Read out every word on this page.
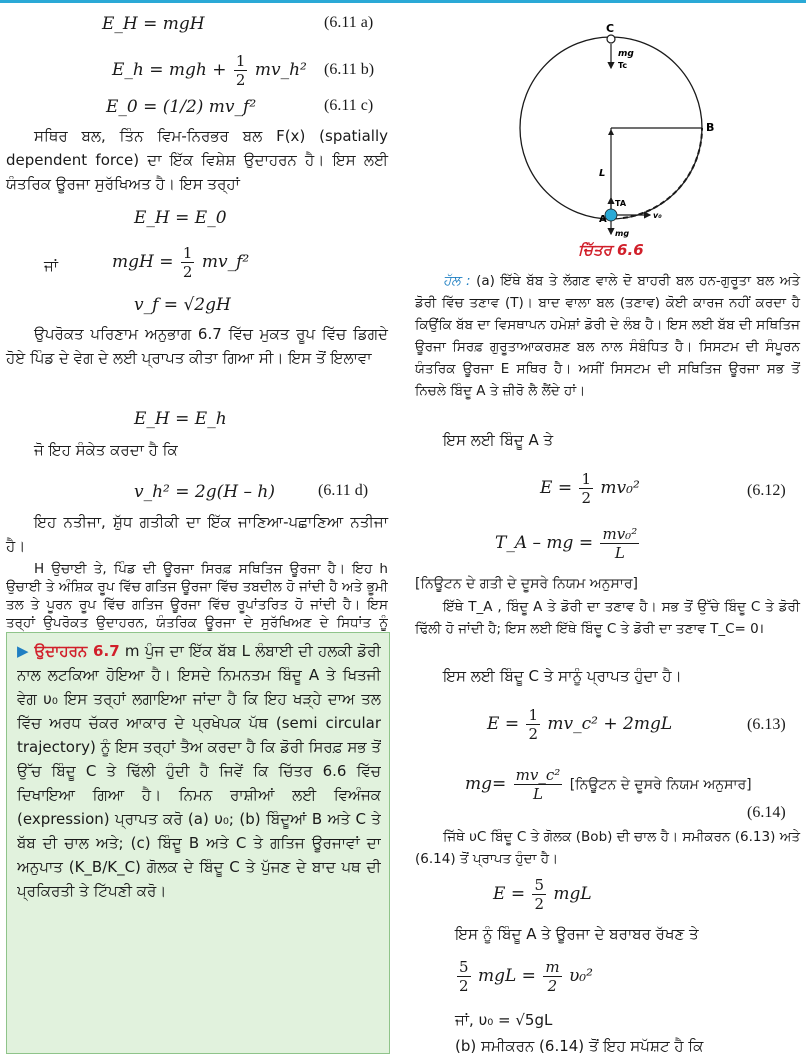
E_H = mgH	(6.11 a)
E_h = mgh + $\frac{1}{2}$ mv_h² (6.11 b)
E_0 = (1/2) mv_f²	(6.11 c)
ਸਥਿਰ ਬਲ, ਤਿੰਨ ਵਿਮ-ਨਿਰਭਰ ਬਲ F(x) (spatially dependent force) ਦਾ ਇੱਕ ਵਿਸ਼ੇਸ਼ ਉਦਾਹਰਨ ਹੈ। ਇਸ ਲਈ ਯੰਤਰਿਕ ਊਰਜਾ ਸੁਰੱਖਿਅਤ ਹੈ। ਇਸ ਤਰ੍ਹਾਂ
E_H = E_0
ਜਾਂ	mgH = $\frac{1}{2}$ mv_f²
v_f = √2gH
ਉਪਰੋਕਤ ਪਰਿਣਾਮ ਅਨੁਭਾਗ 6.7 ਵਿੱਚ ਮੁਕਤ ਰੂਪ ਵਿੱਚ ਡਿਗਦੇ ਹੋਏ ਪਿੰਡ ਦੇ ਵੇਗ ਦੇ ਲਈ ਪ੍ਰਾਪਤ ਕੀਤਾ ਗਿਆ ਸੀ। ਇਸ ਤੋਂ ਇਲਾਵਾ
E_H = E_h
ਜੋ ਇਹ ਸੰਕੇਤ ਕਰਦਾ ਹੈ ਕਿ
v_h² = 2g(H – h)	(6.11 d)
ਇਹ ਨਤੀਜਾ, ਸ਼ੁੱਧ ਗਤੀਕੀ ਦਾ ਇੱਕ ਜਾਣਿਆ-ਪਛਾਣਿਆ ਨਤੀਜਾ ਹੈ।
H ਉਚਾਈ ਤੇ, ਪਿੰਡ ਦੀ ਊਰਜਾ ਸਿਰਫ਼ ਸਥਿਤਿਜ ਊਰਜਾ ਹੈ। ਇਹ h ਉਚਾਈ ਤੇ ਅੰਸ਼ਿਕ ਰੂਪ ਵਿੱਚ ਗਤਿਜ ਊਰਜਾ ਵਿੱਚ ਤਬਦੀਲ ਹੋ ਜਾਂਦੀ ਹੈ ਅਤੇ ਭੂਮੀ ਤਲ ਤੇ ਪੂਰਨ ਰੂਪ ਵਿੱਚ ਗਤਿਜ ਊਰਜਾ ਵਿੱਚ ਰੂਪਾਂਤਰਿਤ ਹੋ ਜਾਂਦੀ ਹੈ। ਇਸ ਤਰ੍ਹਾਂ ਉਪਰੋਕਤ ਉਦਾਹਰਨ, ਯੰਤਰਿਕ ਊਰਜਾ ਦੇ ਸੁਰੱਖਿਅਣ ਦੇ ਸਿਧਾਂਤ ਨੂੰ
▶ ਉਦਾਹਰਨ 6.7 m ਪੁੰਜ ਦਾ ਇੱਕ ਬੱਬ L ਲੰਬਾਈ ਦੀ ਹਲਕੀ ਡੋਰੀ ਨਾਲ ਲਟਕਿਆ ਹੋਇਆ ਹੈ। ਇਸਦੇ ਨਿਮਨਤਮ ਬਿੰਦੂ A ਤੇ ਖਿਤਜੀ ਵੇਗ υ₀ ਇਸ ਤਰ੍ਹਾਂ ਲਗਾਇਆ ਜਾਂਦਾ ਹੈ ਕਿ ਇਹ ਖੜ੍ਹੇ ਦਾਅ ਤਲ ਵਿੱਚ ਅਰਧ ਚੱਕਰ ਆਕਾਰ ਦੇ ਪ੍ਰਖੇਪਕ ਪੱਥ (semi circular trajectory) ਨੂੰ ਇਸ ਤਰ੍ਹਾਂ ਤੈਅ ਕਰਦਾ ਹੈ ਕਿ ਡੋਰੀ ਸਿਰਫ਼ ਸਭ ਤੋਂ ਉੱਚ ਬਿੰਦੂ C ਤੇ ਢਿੱਲੀ ਹੁੰਦੀ ਹੈ ਜਿਵੇਂ ਕਿ ਚਿੱਤਰ 6.6 ਵਿੱਚ ਦਿਖਾਇਆ ਗਿਆ ਹੈ। ਨਿਮਨ ਰਾਸ਼ੀਆਂ ਲਈ ਵਿਅੰਜਕ (expression) ਪ੍ਰਾਪਤ ਕਰੋ (a) υ₀; (b) ਬਿੰਦੂਆਂ B ਅਤੇ C ਤੇ ਬੱਬ ਦੀ ਚਾਲ ਅਤੇ; (c) ਬਿੰਦੂ B ਅਤੇ C ਤੇ ਗਤਿਜ ਊਰਜਾਵਾਂ ਦਾ ਅਨੁਪਾਤ (K_B/K_C) ਗੋਲਕ ਦੇ ਬਿੰਦੂ C ਤੇ ਪੁੱਜਣ ਦੇ ਬਾਦ ਪਥ ਦੀ ਪ੍ਰਕਿਰਤੀ ਤੇ ਟਿੱਪਣੀ ਕਰੋ।
C
mg
Tc
B
L
TA
A	v₀
mg
ਚਿੱਤਰ 6.6
ਹੱਲ : (a) ਇੱਥੇ ਬੱਬ ਤੇ ਲੱਗਣ ਵਾਲੇ ਦੋ ਬਾਹਰੀ ਬਲ ਹਨ-ਗੁਰੂਤਾ ਬਲ ਅਤੇ ਡੋਰੀ ਵਿੱਚ ਤਣਾਵ (T)। ਬਾਦ ਵਾਲਾ ਬਲ (ਤਣਾਵ) ਕੋਈ ਕਾਰਜ ਨਹੀਂ ਕਰਦਾ ਹੈ ਕਿਉਂਕਿ ਬੱਬ ਦਾ ਵਿਸਥਾਪਨ ਹਮੇਸ਼ਾਂ ਡੋਰੀ ਦੇ ਲੰਬ ਹੈ। ਇਸ ਲਈ ਬੱਬ ਦੀ ਸਥਿਤਿਜ ਊਰਜਾ ਸਿਰਫ਼ ਗੁਰੂਤਾਆਕਰਸ਼ਣ ਬਲ ਨਾਲ ਸੰਬੰਧਿਤ ਹੈ। ਸਿਸਟਮ ਦੀ ਸੰਪੂਰਨ ਯੰਤਰਿਕ ਊਰਜਾ E ਸਥਿਰ ਹੈ। ਅਸੀਂ ਸਿਸਟਮ ਦੀ ਸਥਿਤਿਜ ਊਰਜਾ ਸਭ ਤੋਂ ਨਿਚਲੇ ਬਿੰਦੂ A ਤੇ ਜ਼ੀਰੋ ਲੈ ਲੈਂਦੇ ਹਾਂ।
ਇਸ ਲਈ ਬਿੰਦੂ A ਤੇ
$E = \frac{1}{2} mv_0^2$	(6.12)
T_A – mg = $\frac{\text{mv₀²}}{L}$
[ਨਿਊਟਨ ਦੇ ਗਤੀ ਦੇ ਦੂਸਰੇ ਨਿਯਮ ਅਨੁਸਾਰ]
ਇੱਥੇ T_A , ਬਿੰਦੂ A ਤੇ ਡੋਰੀ ਦਾ ਤਣਾਵ ਹੈ। ਸਭ ਤੋਂ ਉੱਚੇ ਬਿੰਦੂ C ਤੇ ਡੋਰੀ ਢਿੱਲੀ ਹੋ ਜਾਂਦੀ ਹੈ; ਇਸ ਲਈ ਇੱਥੇ ਬਿੰਦੂ C ਤੇ ਡੋਰੀ ਦਾ ਤਣਾਵ T_C= 0।
ਇਸ ਲਈ ਬਿੰਦੂ C ਤੇ ਸਾਨੂੰ ਪ੍ਰਾਪਤ ਹੁੰਦਾ ਹੈ।
$E = \frac{1}{2}$ mv_c² + 2mgL	(6.13)
$mg= \frac{\text{mv\_c²}}{L}$ [ਨਿਊਟਨ ਦੇ ਦੂਸਰੇ ਨਿਯਮ ਅਨੁਸਾਰ]
(6.14)
ਜਿੱਥੇ υC ਬਿੰਦੂ C ਤੇ ਗੋਲਕ (Bob) ਦੀ ਚਾਲ ਹੈ। ਸਮੀਕਰਨ (6.13) ਅਤੇ (6.14) ਤੋਂ ਪ੍ਰਾਪਤ ਹੁੰਦਾ ਹੈ।
$E = \frac{5}{2}$ mgL
ਇਸ ਨੂੰ ਬਿੰਦੂ A ਤੇ ਊਰਜਾ ਦੇ ਬਰਾਬਰ ਰੱਖਣ ਤੇ
$\frac{5}{2}$ mgL = $\frac{m}{2} \upsilon_0^2$
ਜਾਂ, υ₀ = √5gL
(b) ਸਮੀਕਰਨ (6.14) ਤੋਂ ਇਹ ਸਪੱਸ਼ਟ ਹੈ ਕਿ
